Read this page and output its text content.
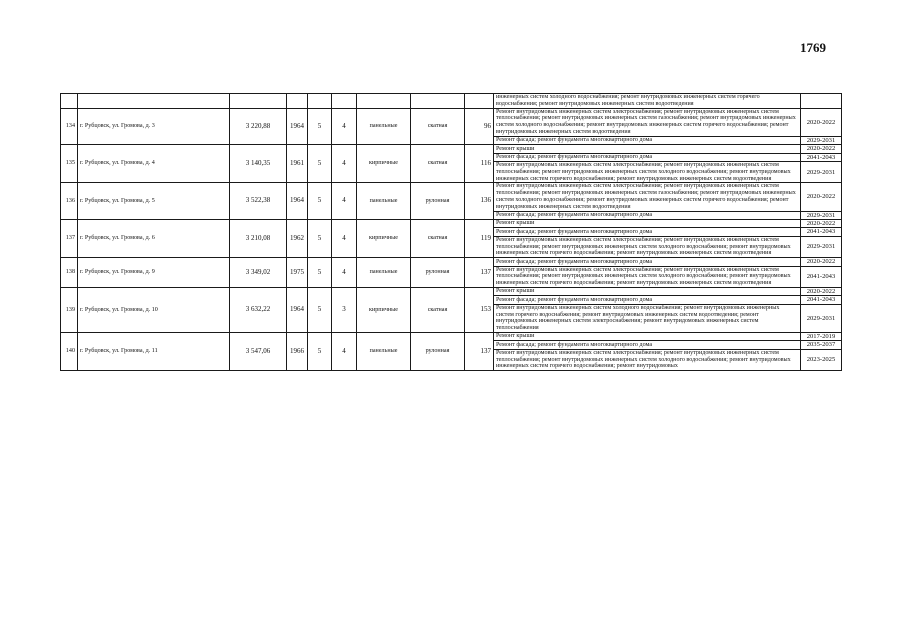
1769
									инженерных систем холодного водоснабжения; ремонт внутридомовых инженерных систем горячего водоснабжения; ремонт внутридомовых инженерных систем водоотведения	
134	г. Рубцовск, ул. Громова, д. 3	3 220,88	1964	5	4	панельные	скатная	96	Ремонт внутридомовых инженерных систем электроснабжения; ремонт внутридомовых инженерных систем теплоснабжения; ремонт внутридомовых инженерных систем газоснабжения; ремонт внутридомовых инженерных систем холодного водоснабжения; ремонт внутридомовых инженерных систем горячего водоснабжения; ремонт внутридомовых инженерных систем водоотведения	2020-2022
									Ремонт фасада; ремонт фундамента многоквартирного дома	2029-2031
135	г. Рубцовск, ул. Громова, д. 4	3 140,35	1961	5	4	кирпичные	скатная	116	Ремонт крыши	2020-2022
									Ремонт фасада; ремонт фундамента многоквартирного дома	2041-2043
									Ремонт внутридомовых инженерных систем электроснабжения; ремонт внутридомовых инженерных систем теплоснабжения; ремонт внутридомовых инженерных систем холодного водоснабжения; ремонт внутридомовых инженерных систем горячего водоснабжения; ремонт внутридомовых инженерных систем водоотведения	2029-2031
136	г. Рубцовск, ул. Громова, д. 5	3 522,38	1964	5	4	панельные	рулонная	136	Ремонт внутридомовых инженерных систем электроснабжения; ремонт внутридомовых инженерных систем теплоснабжения; ремонт внутридомовых инженерных систем газоснабжения; ремонт внутридомовых инженерных систем холодного водоснабжения; ремонт внутридомовых инженерных систем горячего водоснабжения; ремонт внутридомовых инженерных систем водоотведения	2020-2022
									Ремонт фасада; ремонт фундамента многоквартирного дома	2029-2031
137	г. Рубцовск, ул. Громова, д. 6	3 210,08	1962	5	4	кирпичные	скатная	119	Ремонт крыши	2020-2022
									Ремонт фасада; ремонт фундамента многоквартирного дома	2041-2043
									Ремонт внутридомовых инженерных систем электроснабжения; ремонт внутридомовых инженерных систем теплоснабжения; ремонт внутридомовых инженерных систем холодного водоснабжения; ремонт внутридомовых инженерных систем горячего водоснабжения; ремонт внутридомовых инженерных систем водоотведения	2029-2031
138	г. Рубцовск, ул. Громова, д. 9	3 349,02	1975	5	4	панельные	рулонная	137	Ремонт фасада; ремонт фундамента многоквартирного дома	2020-2022
									Ремонт внутридомовых инженерных систем электроснабжения; ремонт внутридомовых инженерных систем теплоснабжения; ремонт внутридомовых инженерных систем холодного водоснабжения; ремонт внутридомовых инженерных систем горячего водоснабжения; ремонт внутридомовых инженерных систем водоотведения	2041-2043
139	г. Рубцовск, ул. Громова, д. 10	3 632,22	1964	5	3	кирпичные	скатная	153	Ремонт крыши	2020-2022
									Ремонт фасада; ремонт фундамента многоквартирного дома	2041-2043
									Ремонт внутридомовых инженерных систем холодного водоснабжения; ремонт внутридомовых инженерных систем горячего водоснабжения; ремонт внутридомовых инженерных систем водоотведения; ремонт внутридомовых инженерных систем электроснабжения; ремонт внутридомовых инженерных систем теплоснабжения	2029-2031
140	г. Рубцовск, ул. Громова, д. 11	3 547,06	1966	5	4	панельные	рулонная	137	Ремонт крыши	2017-2019
									Ремонт фасада; ремонт фундамента многоквартирного дома	2035-2037
									Ремонт внутридомовых инженерных систем электроснабжения; ремонт внутридомовых инженерных систем теплоснабжения; ремонт внутридомовых инженерных систем холодного водоснабжения; ремонт внутридомовых инженерных систем горячего водоснабжения; ремонт внутридомовых	2023-2025
